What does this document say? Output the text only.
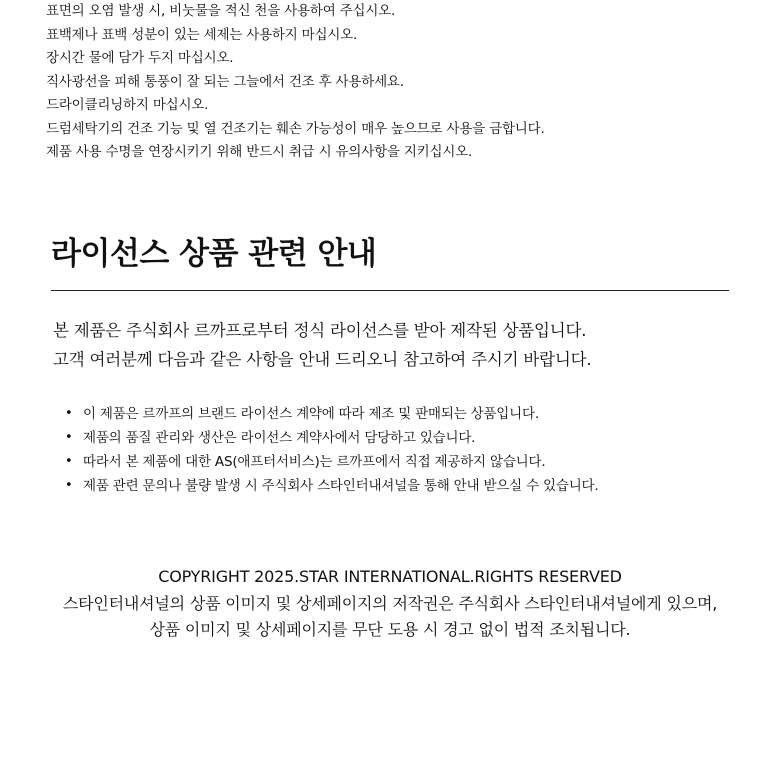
표면의 오염 발생 시, 비눗물을 적신 천을 사용하여 주십시오.
표백제나 표백 성분이 있는 세제는 사용하지 마십시오.
장시간 물에 담가 두지 마십시오.
직사광선을 피해 통풍이 잘 되는 그늘에서 건조 후 사용하세요.
드라이클리닝하지 마십시오.
드럼세탁기의 건조 기능 및 열 건조기는 훼손 가능성이 매우 높으므로 사용을 금합니다.
제품 사용 수명을 연장시키기 위해 반드시 취급 시 유의사항을 지키십시오.
라이선스 상품 관련 안내

본 제품은 주식회사 르까프로부터 정식 라이선스를 받아 제작된 상품입니다.

고객 여러분께 다음과 같은 사항을 안내 드리오니 참고하여 주시기 바랍니다.

• 이 제품은 르까프의 브랜드 라이선스 계약에 따라 제조 및 판매되는 상품입니다.
• 제품의 품질 관리와 생산은 라이선스 계약사에서 담당하고 있습니다.
• 따라서 본 제품에 대한 AS(애프터서비스)는 르까프에서 직접 제공하지 않습니다.
• 제품 관련 문의나 불량 발생 시 주식회사 스타인터내셔널을 통해 안내 받으실 수 있습니다.

COPYRIGHT 2025.STAR INTERNATIONAL.RIGHTS RESERVED

스타인터내셔널의 상품 이미지 및 상세페이지의 저작권은 주식회사 스타인터내셔널에게 있으며,

상품 이미지 및 상세페이지를 무단 도용 시 경고 없이 법적 조치됩니다.
